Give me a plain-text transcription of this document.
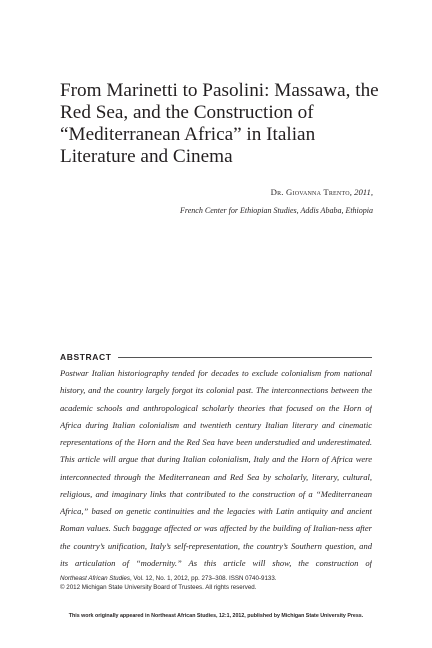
From Marinetti to Pasolini: Massawa, the Red Sea, and the Construction of “Mediterranean Africa” in Italian Literature and Cinema
Dr. Giovanna Trento, 2011,
French Center for Ethiopian Studies, Addis Ababa, Ethiopia
ABSTRACT

Postwar Italian historiography tended for decades to exclude colonialism from national history, and the country largely forgot its colonial past. The interconnections between the academic schools and anthropological scholarly theories that focused on the Horn of Africa during Italian colonialism and twentieth century Italian literary and cinematic representations of the Horn and the Red Sea have been understudied and underestimated. This article will argue that during Italian colonialism, Italy and the Horn of Africa were interconnected through the Mediterranean and Red Sea by scholarly, literary, cultural, religious, and imaginary links that contributed to the construction of a “Mediterranean Africa,” based on genetic continuities and the legacies with Latin antiquity and ancient Roman values. Such baggage affected or was affected by the building of Italian-ness after the country’s unification, Italy’s self-representation, the country’s Southern question, and its articulation of “modernity.” As this article will show, the construction of

Northeast African Studies, Vol. 12, No. 1, 2012, pp. 273–308. ISSN 0740-9133.
© 2012 Michigan State University Board of Trustees. All rights reserved.
This work originally appeared in Northeast African Studies, 12:1, 2012, published by Michigan State University Press.
